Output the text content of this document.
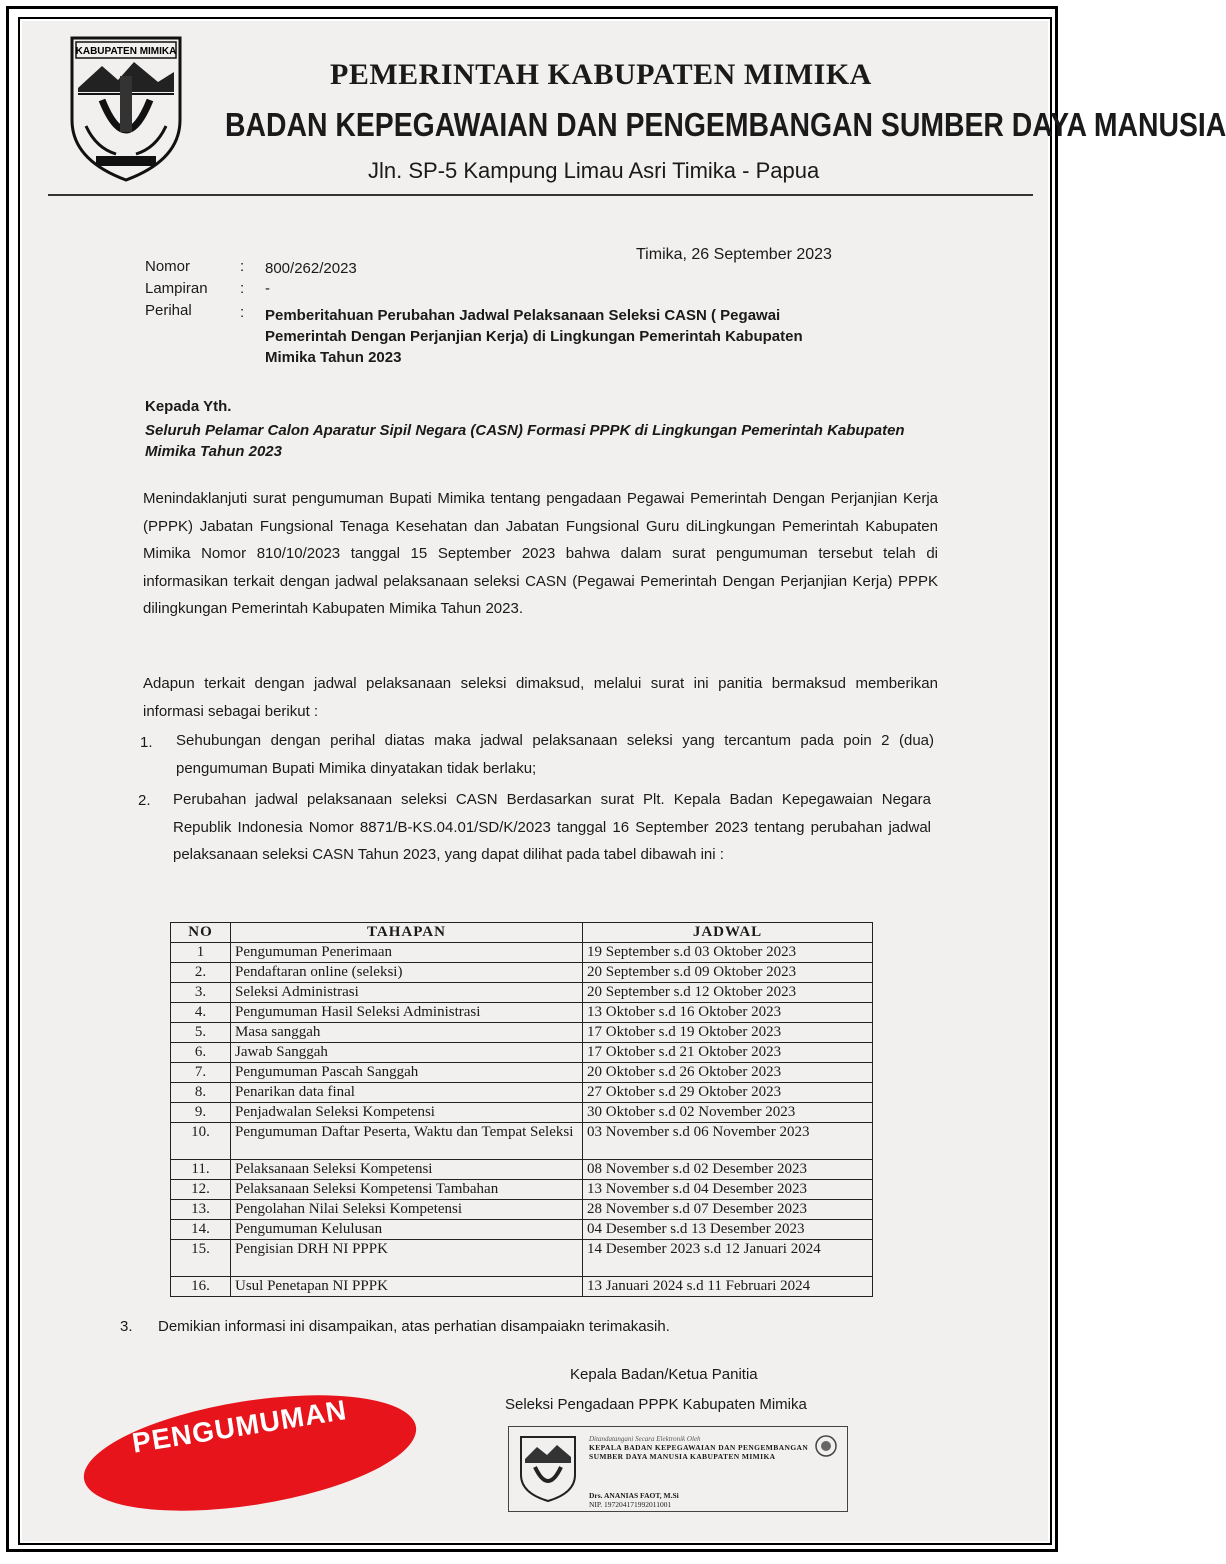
KABUPATEN MIMIKA
PEMERINTAH KABUPATEN MIMIKA
BADAN KEPEGAWAIAN DAN PENGEMBANGAN SUMBER DAYA MANUSIA
Jln. SP-5 Kampung Limau Asri Timika - Papua
Timika, 26 September 2023
Nomor	: 800/262/2023
Lampiran : -
Perihal	: Pemberitahuan Perubahan Jadwal Pelaksanaan Seleksi CASN ( Pegawai Pemerintah Dengan Perjanjian Kerja) di Lingkungan Pemerintah Kabupaten Mimika Tahun 2023
Kepada Yth.
Seluruh Pelamar Calon Aparatur Sipil Negara (CASN) Formasi PPPK di Lingkungan Pemerintah Kabupaten Mimika Tahun 2023
Menindaklanjuti surat pengumuman Bupati Mimika tentang pengadaan Pegawai Pemerintah Dengan Perjanjian Kerja (PPPK) Jabatan Fungsional Tenaga Kesehatan dan Jabatan Fungsional Guru diLingkungan Pemerintah Kabupaten Mimika Nomor 810/10/2023 tanggal 15 September 2023 bahwa dalam surat pengumuman tersebut telah di informasikan terkait dengan jadwal pelaksanaan seleksi CASN (Pegawai Pemerintah Dengan Perjanjian Kerja) PPPK dilingkungan Pemerintah Kabupaten Mimika Tahun 2023.
Adapun terkait dengan jadwal pelaksanaan seleksi dimaksud, melalui surat ini panitia bermaksud memberikan informasi sebagai berikut :
1. Sehubungan dengan perihal diatas maka jadwal pelaksanaan seleksi yang tercantum pada poin 2 (dua) pengumuman Bupati Mimika dinyatakan tidak berlaku;
2. Perubahan jadwal pelaksanaan seleksi CASN Berdasarkan surat Plt. Kepala Badan Kepegawaian Negara Republik Indonesia Nomor 8871/B-KS.04.01/SD/K/2023 tanggal 16 September 2023 tentang perubahan jadwal pelaksanaan seleksi CASN Tahun 2023, yang dapat dilihat pada tabel dibawah ini :
NO	TAHAPAN	JADWAL
1	Pengumuman Penerimaan	19 September s.d 03 Oktober 2023
2.	Pendaftaran online (seleksi)	20 September s.d 09 Oktober 2023
3.	Seleksi Administrasi	20 September s.d 12 Oktober 2023
4.	Pengumuman Hasil Seleksi Administrasi	13 Oktober s.d 16 Oktober 2023
5.	Masa sanggah	17 Oktober s.d 19 Oktober 2023
6.	Jawab Sanggah	17 Oktober s.d 21 Oktober 2023
7.	Pengumuman Pascah Sanggah	20 Oktober s.d 26 Oktober 2023
8.	Penarikan data final	27 Oktober s.d 29 Oktober 2023
9.	Penjadwalan Seleksi Kompetensi	30 Oktober s.d 02 November 2023
10.	Pengumuman Daftar Peserta, Waktu dan Tempat Seleksi	03 November s.d 06 November 2023
11.	Pelaksanaan Seleksi Kompetensi	08 November s.d 02 Desember 2023
12.	Pelaksanaan Seleksi Kompetensi Tambahan	13 November s.d 04 Desember 2023
13.	Pengolahan Nilai Seleksi Kompetensi	28 November s.d 07 Desember 2023
14.	Pengumuman Kelulusan	04 Desember s.d 13 Desember 2023
15.	Pengisian DRH NI PPPK	14 Desember 2023 s.d 12 Januari 2024
16.	Usul Penetapan NI PPPK	13 Januari 2024 s.d 11 Februari 2024
3. Demikian informasi ini disampaikan, atas perhatian disampaiakn terimakasih.
Kepala Badan/Ketua Panitia
Seleksi Pengadaan PPPK Kabupaten Mimika
Ditandatangani Secara Elektronik Oleh
KEPALA BADAN KEPEGAWAIAN DAN PENGEMBANGAN SUMBER DAYA MANUSIA KABUPATEN MIMIKA
Drs. ANANIAS FAOT, M.Si
NIP. 197204171992011001
PENGUMUMAN
